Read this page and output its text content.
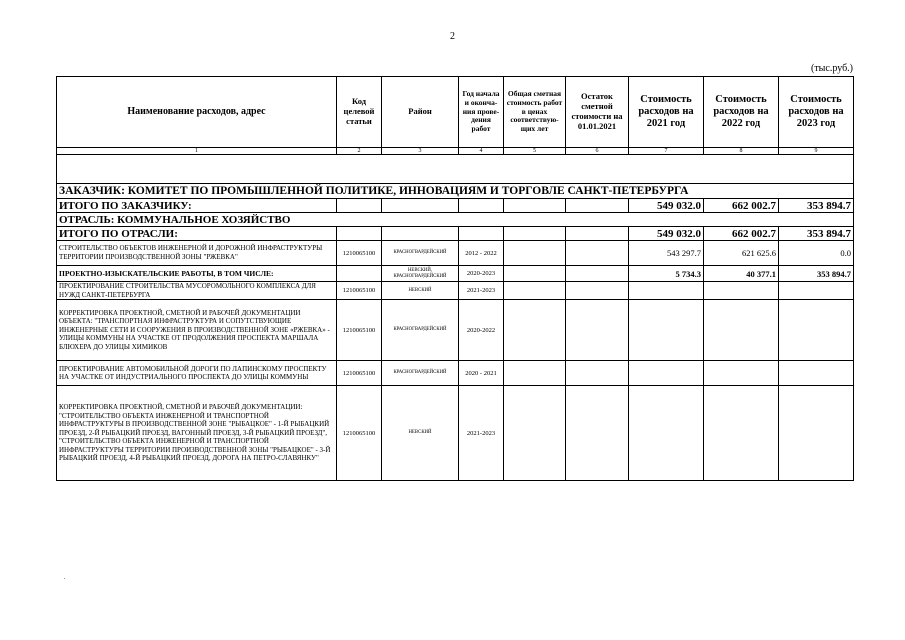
2
(тыс.руб.)
Наименование расходов, адрес	Код целевой статьи	Район	Год начала и оконча-ния прове-дения работ	Общая сметная стоимость работ в ценах соответствую-щих лет	Остаток сметной стоимости на 01.01.2021	Стоимость расходов на 2021 год	Стоимость расходов на 2022 год	Стоимость расходов на 2023 год
1	2	3	4	5	6	7	8	9

ЗАКАЗЧИК: КОМИТЕТ ПО ПРОМЫШЛЕННОЙ ПОЛИТИКЕ, ИННОВАЦИЯМ И ТОРГОВЛЕ САНКТ-ПЕТЕРБУРГА								
ИТОГО ПО ЗАКАЗЧИКУ:						549 032.0	662 002.7	353 894.7
ОТРАСЛЬ: КОММУНАЛЬНОЕ ХОЗЯЙСТВО								
ИТОГО ПО ОТРАСЛИ:						549 032.0	662 002.7	353 894.7
СТРОИТЕЛЬСТВО ОБЪЕКТОВ ИНЖЕНЕРНОЙ И ДОРОЖНОЙ ИНФРАСТРУКТУРЫ ТЕРРИТОРИИ ПРОИЗВОДСТВЕННОЙ ЗОНЫ "РЖЕВКА"	1210065100	КРАСНОГВАРДЕЙСКИЙ	2012 - 2022			543 297.7	621 625.6	0.0
ПРОЕКТНО-ИЗЫСКАТЕЛЬСКИЕ РАБОТЫ, В ТОМ ЧИСЛЕ:		НЕВСКИЙ, КРАСНОГВАРДЕЙСКИЙ	2020-2023			5 734.3	40 377.1	353 894.7
ПРОЕКТИРОВАНИЕ СТРОИТЕЛЬСТВА МУСОРОМОЛЬНОГО КОМПЛЕКСА ДЛЯ НУЖД САНКТ-ПЕТЕРБУРГА	1210065100	НЕВСКИЙ	2021-2023					
КОРРЕКТИРОВКА ПРОЕКТНОЙ, СМЕТНОЙ И РАБОЧЕЙ ДОКУМЕНТАЦИИ ОБЪЕКТА: "ТРАНСПОРТНАЯ ИНФРАСТРУКТУРА И СОПУТСТВУЮЩИЕ ИНЖЕНЕРНЫЕ СЕТИ И СООРУЖЕНИЯ В ПРОИЗВОДСТВЕННОЙ ЗОНЕ «РЖЕВКА» - УЛИЦЫ КОММУНЫ НА УЧАСТКЕ ОТ ПРОДОЛЖЕНИЯ ПРОСПЕКТА МАРШАЛА БЛЮХЕРА ДО УЛИЦЫ ХИМИКОВ	1210065100	КРАСНОГВАРДЕЙСКИЙ	2020-2022					
ПРОЕКТИРОВАНИЕ АВТОМОБИЛЬНОЙ ДОРОГИ ПО ЛАПИНСКОМУ ПРОСПЕКТУ НА УЧАСТКЕ ОТ ИНДУСТРИАЛЬНОГО ПРОСПЕКТА ДО УЛИЦЫ КОММУНЫ	1210065100	КРАСНОГВАРДЕЙСКИЙ	2020 - 2021					
КОРРЕКТИРОВКА ПРОЕКТНОЙ, СМЕТНОЙ И РАБОЧЕЙ ДОКУМЕНТАЦИИ: "СТРОИТЕЛЬСТВО ОБЪЕКТА ИНЖЕНЕРНОЙ И ТРАНСПОРТНОЙ ИНФРАСТРУКТУРЫ В ПРОИЗВОДСТВЕННОЙ ЗОНЕ "РЫБАЦКОЕ" - 1-Й РЫБАЦКИЙ ПРОЕЗД, 2-Й РЫБАЦКИЙ ПРОЕЗД, ВАГОННЫЙ ПРОЕЗД, 3-Й РЫБАЦКИЙ ПРОЕЗД", "СТРОИТЕЛЬСТВО ОБЪЕКТА ИНЖЕНЕРНОЙ И ТРАНСПОРТНОЙ ИНФРАСТРУКТУРЫ ТЕРРИТОРИИ ПРОИЗВОДСТВЕННОЙ ЗОНЫ "РЫБАЦКОЕ" - 3-Й РЫБАЦКИЙ ПРОЕЗД, 4-Й РЫБАЦКИЙ ПРОЕЗД, ДОРОГА НА ПЕТРО-СЛАВЯНКУ"	1210065100	НЕВСКИЙ	2021-2023					
